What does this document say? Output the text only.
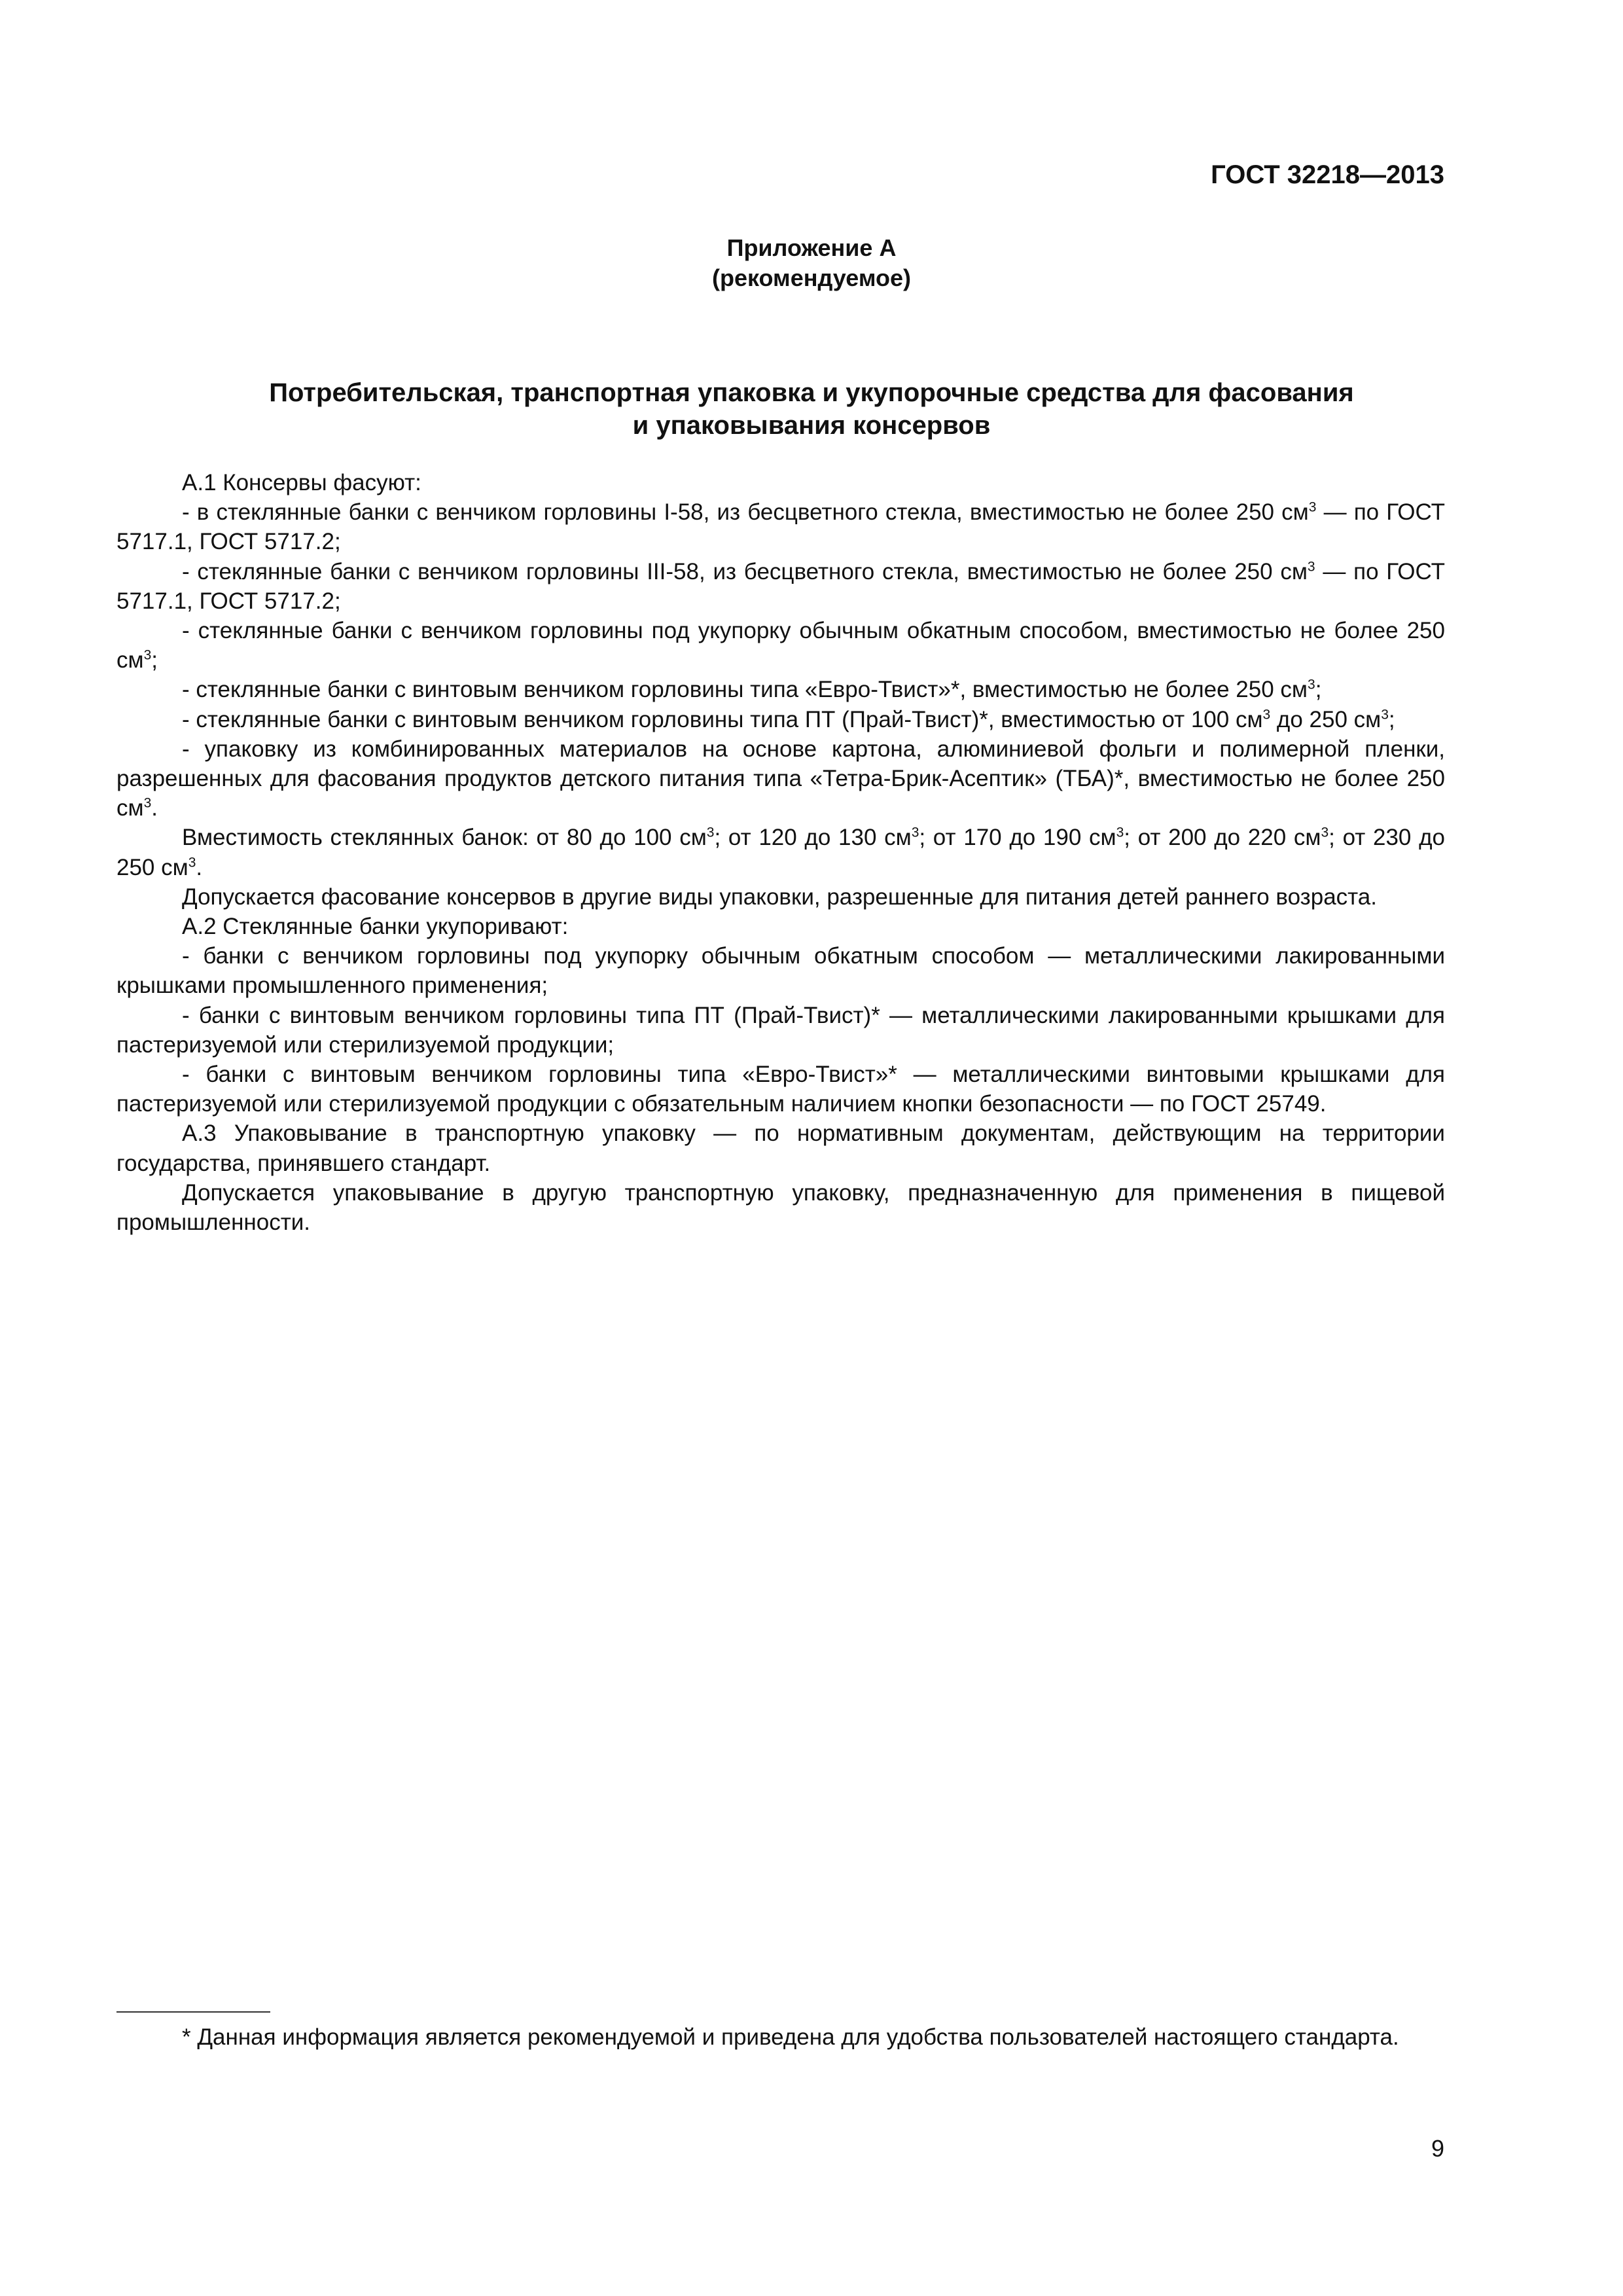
ГОСТ 32218—2013
Приложение А
(рекомендуемое)
Потребительская, транспортная упаковка и укупорочные средства для фасования
и упаковывания консервов

А.1 Консервы фасуют:

- в стеклянные банки с венчиком горловины I-58, из бесцветного стекла, вместимостью не более 250 $см^3$ — по ГОСТ 5717.1, ГОСТ 5717.2;

- стеклянные банки с венчиком горловины III-58, из бесцветного стекла, вместимостью не более 250 $см^3$ — по ГОСТ 5717.1, ГОСТ 5717.2;

- стеклянные банки с венчиком горловины под укупорку обычным обкатным способом, вместимостью не более 250 $см^3$;

- стеклянные банки с винтовым венчиком горловины типа «Евро-Твист»*, вместимостью не более 250 $см^3$;

- стеклянные банки с винтовым венчиком горловины типа ПТ (Прай-Твист)*, вместимостью от 100 $см^3$ до 250 $см^3$;

- упаковку из комбинированных материалов на основе картона, алюминиевой фольги и полимерной пленки, разрешенных для фасования продуктов детского питания типа «Тетра-Брик-Асептик» (ТБА)*, вместимостью не более 250 $см^3$.

Вместимость стеклянных банок: от 80 до 100 $см^3$; от 120 до 130 $см^3$; от 170 до 190 $см^3$; от 200 до 220 $см^3$; от 230 до 250 $см^3$.

Допускается фасование консервов в другие виды упаковки, разрешенные для питания детей раннего возраста.

А.2 Стеклянные банки укупоривают:

- банки с венчиком горловины под укупорку обычным обкатным способом — металлическими лакированными крышками промышленного применения;

- банки с винтовым венчиком горловины типа ПТ (Прай-Твист)* — металлическими лакированными крышками для пастеризуемой или стерилизуемой продукции;

- банки с винтовым венчиком горловины типа «Евро-Твист»* — металлическими винтовыми крышками для пастеризуемой или стерилизуемой продукции с обязательным наличием кнопки безопасности — по ГОСТ 25749.

А.3 Упаковывание в транспортную упаковку — по нормативным документам, действующим на территории государства, принявшего стандарт.

Допускается упаковывание в другую транспортную упаковку, предназначенную для применения в пищевой промышленности.

* Данная информация является рекомендуемой и приведена для удобства пользователей настоящего стандарта.

9
